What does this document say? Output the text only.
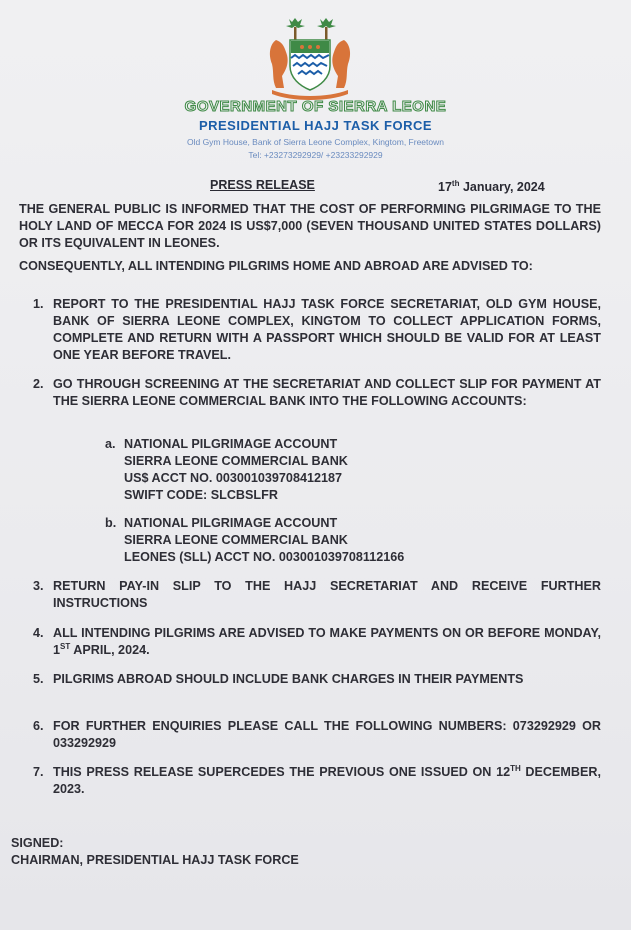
GOVERNMENT OF SIERRA LEONE
PRESIDENTIAL HAJJ TASK FORCE
Old Gym House, Bank of Sierra Leone Complex, Kingtom, Freetown
Tel: +23273292929/ +23233292929
PRESS RELEASE	17th January, 2024
THE GENERAL PUBLIC IS INFORMED THAT THE COST OF PERFORMING PILGRIMAGE TO THE HOLY LAND OF MECCA FOR 2024 IS US$7,000 (SEVEN THOUSAND UNITED STATES DOLLARS) OR ITS EQUIVALENT IN LEONES.
CONSEQUENTLY, ALL INTENDING PILGRIMS HOME AND ABROAD ARE ADVISED TO:
1. REPORT TO THE PRESIDENTIAL HAJJ TASK FORCE SECRETARIAT, OLD GYM HOUSE, BANK OF SIERRA LEONE COMPLEX, KINGTOM TO COLLECT APPLICATION FORMS, COMPLETE AND RETURN WITH A PASSPORT WHICH SHOULD BE VALID FOR AT LEAST ONE YEAR BEFORE TRAVEL.
2. GO THROUGH SCREENING AT THE SECRETARIAT AND COLLECT SLIP FOR PAYMENT AT THE SIERRA LEONE COMMERCIAL BANK INTO THE FOLLOWING ACCOUNTS:
a. NATIONAL PILGRIMAGE ACCOUNT
SIERRA LEONE COMMERCIAL BANK
US$ ACCT NO. 003001039708412187
SWIFT CODE: SLCBSLFR
b. NATIONAL PILGRIMAGE ACCOUNT
SIERRA LEONE COMMERCIAL BANK
LEONES (SLL) ACCT NO. 003001039708112166
3. RETURN PAY-IN SLIP TO THE HAJJ SECRETARIAT AND RECEIVE FURTHER INSTRUCTIONS
4. ALL INTENDING PILGRIMS ARE ADVISED TO MAKE PAYMENTS ON OR BEFORE MONDAY, 1ST APRIL, 2024.
5. PILGRIMS ABROAD SHOULD INCLUDE BANK CHARGES IN THEIR PAYMENTS
6. FOR FURTHER ENQUIRIES PLEASE CALL THE FOLLOWING NUMBERS: 073292929 OR 033292929
7. THIS PRESS RELEASE SUPERCEDES THE PREVIOUS ONE ISSUED ON 12TH DECEMBER, 2023.
SIGNED:
CHAIRMAN, PRESIDENTIAL HAJJ TASK FORCE
